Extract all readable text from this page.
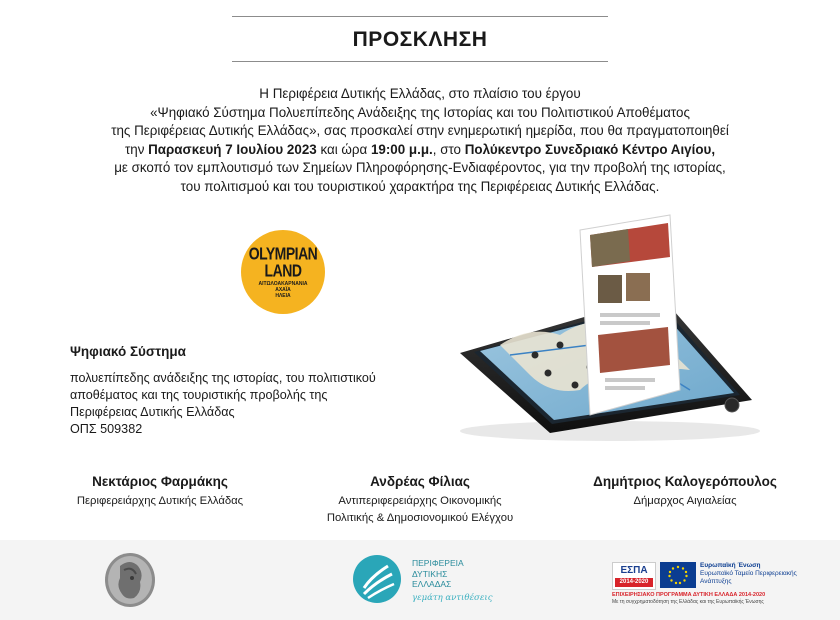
ΠΡΟΣΚΛΗΣΗ
Η Περιφέρεια Δυτικής Ελλάδας, στο πλαίσιο του έργου
«Ψηφιακό Σύστημα Πολυεπίπεδης Ανάδειξης της Ιστορίας και του Πολιτιστικού Αποθέματος
της Περιφέρειας Δυτικής Ελλάδας», σας προσκαλεί στην ενημερωτική ημερίδα, που θα πραγματοποιηθεί
την Παρασκευή 7 Ιουλίου 2023 και ώρα 19:00 μ.μ., στο Πολύκεντρο Συνεδριακό Κέντρο Αιγίου,
με σκοπό τον εμπλουτισμό των Σημείων Πληροφόρησης-Ενδιαφέροντος, για την προβολή της ιστορίας,
του πολιτισμού και του τουριστικού χαρακτήρα της Περιφέρειας Δυτικής Ελλάδας.
OLYMPIAN
LAND
ΑΙΤΩΛΟΑΚΑΡΝΑΝΙΑ
ΑΧΑΪΑ
ΗΛΕΙΑ
Ψηφιακό Σύστημα
πολυεπίπεδης ανάδειξης της ιστορίας, του πολιτιστικού
αποθέματος και της τουριστικής προβολής της
Περιφέρειας Δυτικής Ελλάδας
ΟΠΣ 509382
Νεκτάριος Φαρμάκης
Περιφερειάρχης Δυτικής Ελλάδας
Ανδρέας Φίλιας
Αντιπεριφερειάρχης Οικονομικής
Πολιτικής & Δημοσιονομικού Ελέγχου
Δημήτριος Καλογερόπουλος
Δήμαρχος Αιγιαλείας
ΠΕΡΙΦΕΡΕΙΑ
ΔΥΤΙΚΗΣ
ΕΛΛΑΔΑΣ
γεμάτη αντιθέσεις
ΕΣΠΑ
2014-2020
Ευρωπαϊκή Ένωση
Ευρωπαϊκό Ταμείο Περιφερειακής
Ανάπτυξης
ΕΠΙΧΕΙΡΗΣΙΑΚΟ ΠΡΟΓΡΑΜΜΑ ΔΥΤΙΚΗ ΕΛΛΑΔΑ 2014-2020
Με τη συγχρηματοδότηση της Ελλάδας και της Ευρωπαϊκής Ένωσης
